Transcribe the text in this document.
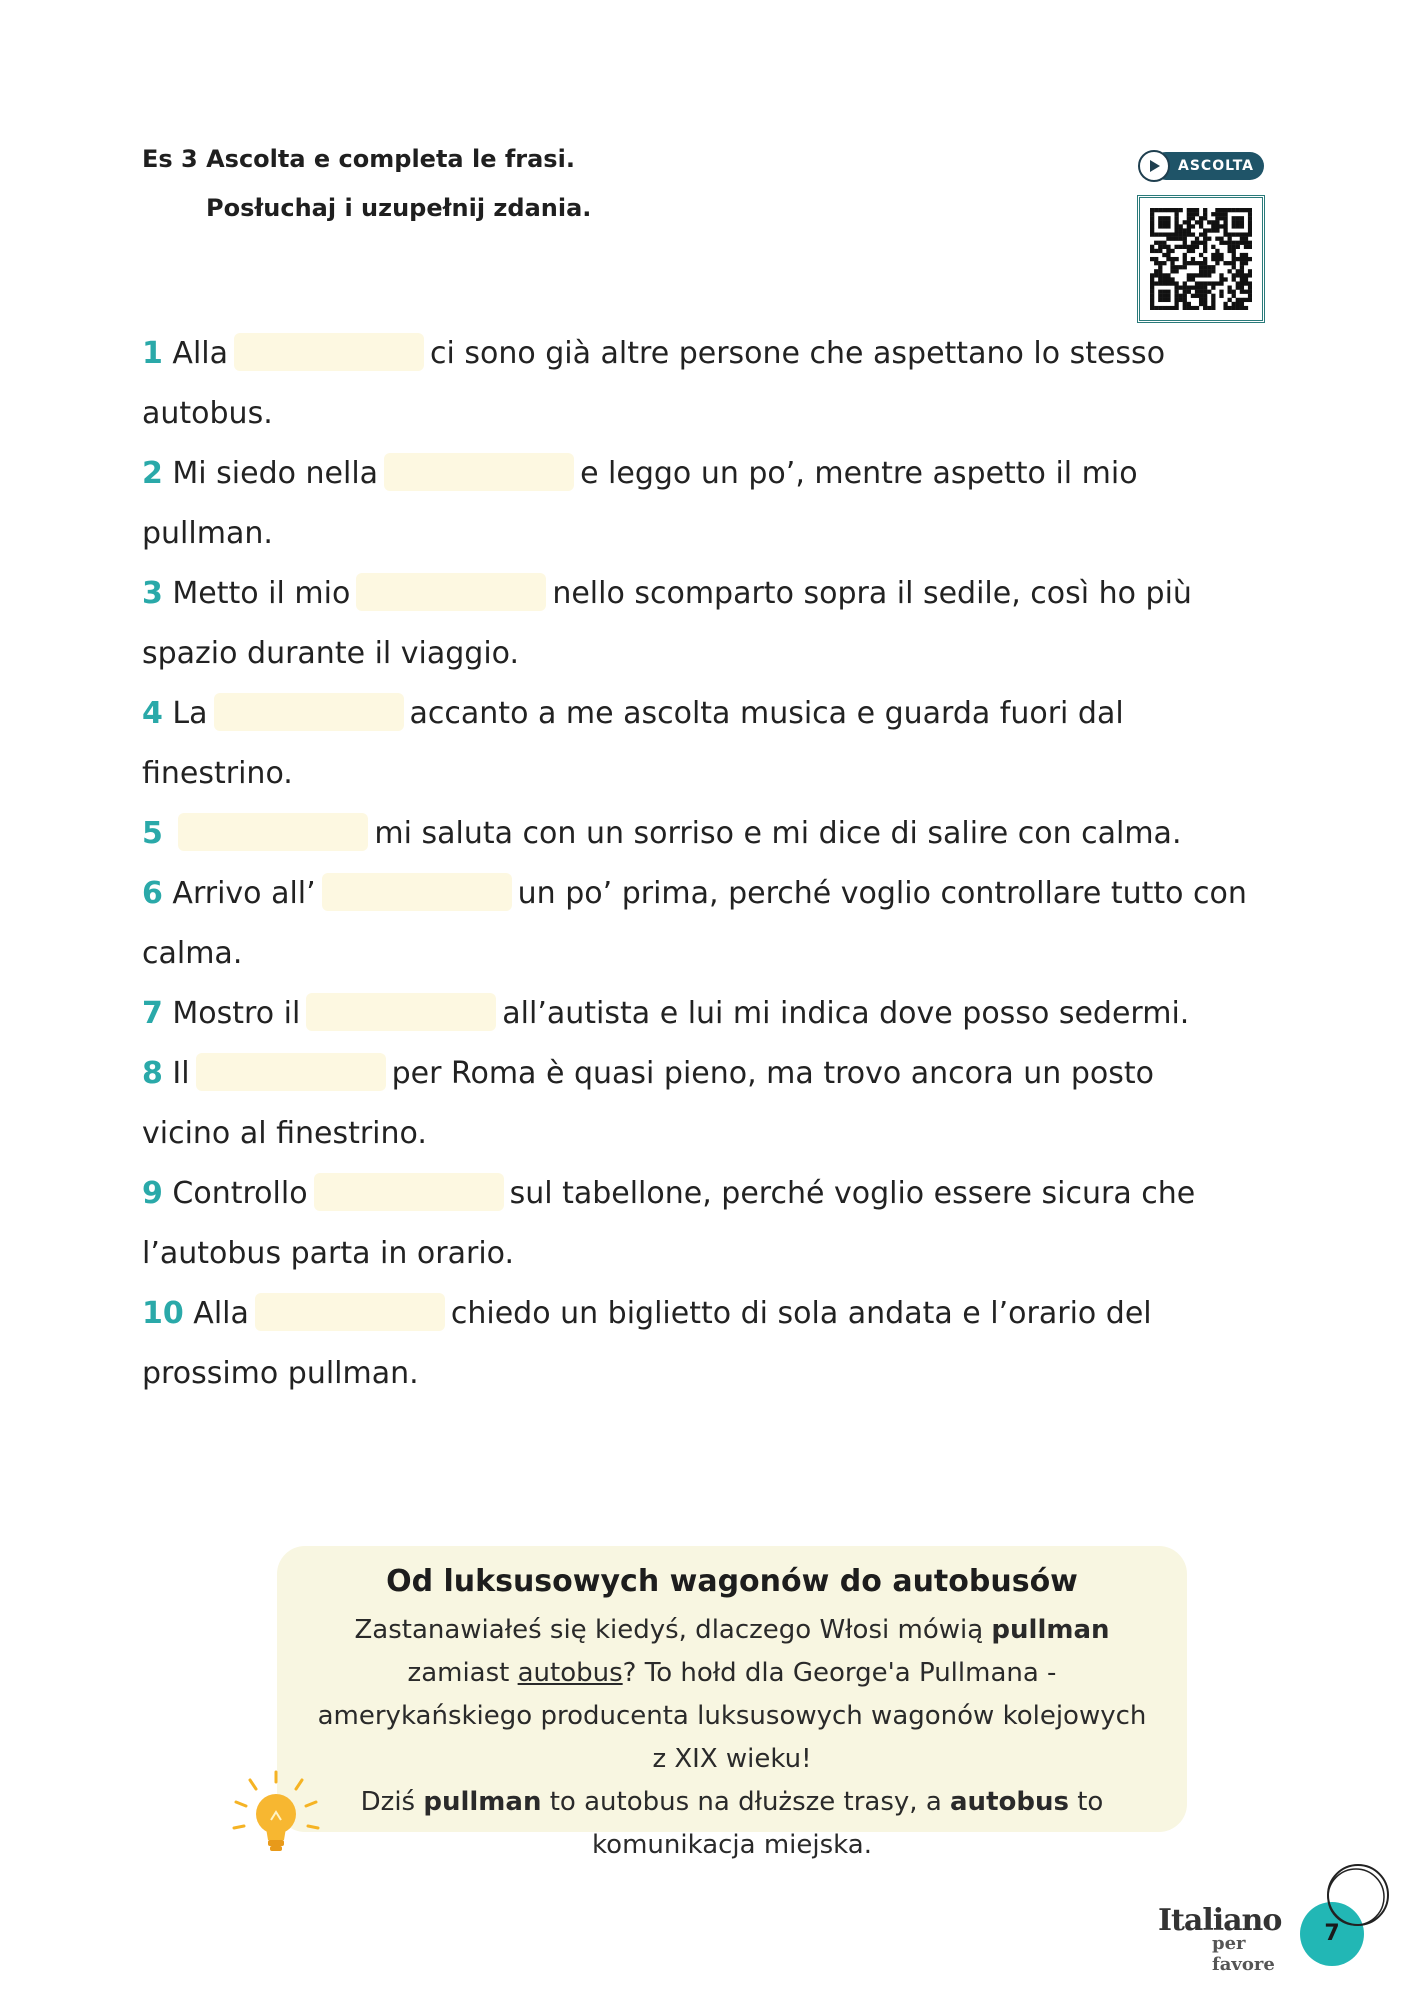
Es 3 Ascolta e completa le frasi.
Posłuchaj i uzupełnij zdania.
ASCOLTA

1 Alla	ci sono già altre persone che aspettano lo stesso
autobus.

2 Mi siedo nella	e leggo un po’, mentre aspetto il mio
pullman.

3 Metto il mio	nello scomparto sopra il sedile, così ho più
spazio durante il viaggio.

4 La	accanto a me ascolta musica e guarda fuori dal
finestrino.

5	mi saluta con un sorriso e mi dice di salire con calma.

6 Arrivo all’	un po’ prima, perché voglio controllare tutto con
calma.

7 Mostro il	all’autista e lui mi indica dove posso sedermi.

8 Il	per Roma è quasi pieno, ma trovo ancora un posto
vicino al finestrino.

9 Controllo	sul tabellone, perché voglio essere sicura che
l’autobus parta in orario.

10 Alla	chiedo un biglietto di sola andata e l’orario del
prossimo pullman.

Od luksusowych wagonów do autobusów
Zastanawiałeś się kiedyś, dlaczego Włosi mówią pullman zamiast autobus? To hołd dla George'a Pullmana - amerykańskiego producenta luksusowych wagonów kolejowych z XIX wieku!
Dziś pullman to autobus na dłuższe trasy, a autobus to komunikacja miejska.
Italiano
per favore
7
